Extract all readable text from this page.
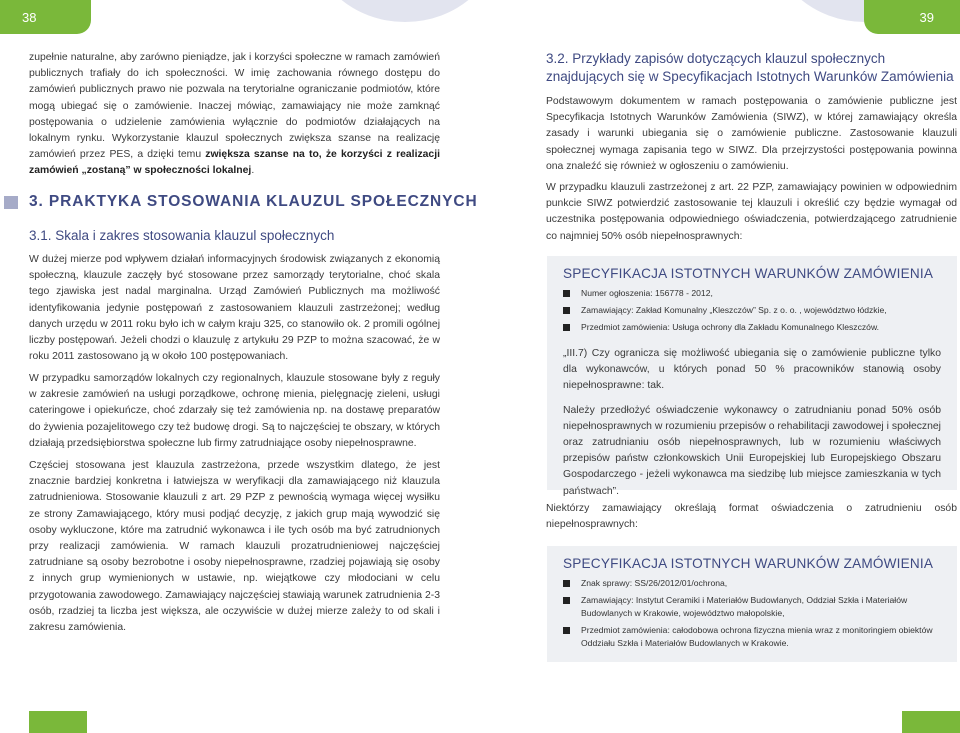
38
zupełnie naturalne, aby zarówno pieniądze, jak i korzyści społeczne w ramach zamówień publicznych trafiały do ich społeczności. W imię zachowania równego dostępu do zamówień publicznych prawo nie pozwala na terytorialne ograniczanie podmiotów, które mogą ubiegać się o zamówienie. Inaczej mówiąc, zamawiający nie może zamknąć postępowania o udzielenie zamówienia wyłącznie do podmiotów działających na lokalnym rynku. Wykorzystanie klauzul społecznych zwiększa szanse na realizację zamówień przez PES, a dzięki temu zwiększa szanse na to, że korzyści z realizacji zamówień „zostaną” w społeczności lokalnej.
3. PRAKTYKA STOSOWANIA KLAUZUL SPOŁECZNYCH
3.1. Skala i zakres stosowania klauzul społecznych
W dużej mierze pod wpływem działań informacyjnych środowisk związanych z ekonomią społeczną, klauzule zaczęły być stosowane przez samorządy terytorialne, choć skala tego zjawiska jest nadal marginalna. Urząd Zamówień Publicznych ma możliwość identyfikowania jedynie postępowań z zastosowaniem klauzuli zastrzeżonej; według danych urzędu w 2011 roku było ich w całym kraju 325, co stanowiło ok. 2 promili ogólnej liczby postępowań. Jeżeli chodzi o klauzulę z artykułu 29 PZP to można szacować, że w roku 2011 zastosowano ją w około 100 postępowaniach.
W przypadku samorządów lokalnych czy regionalnych, klauzule stosowane były z reguły w zakresie zamówień na usługi porządkowe, ochronę mienia, pielęgnację zieleni, usługi cateringowe i opiekuńcze, choć zdarzały się też zamówienia np. na dostawę preparatów do żywienia pozajelitowego czy też budowę drogi. Są to najczęściej te obszary, w których działają przedsiębiorstwa społeczne lub firmy zatrudniające osoby niepełnosprawne.
Częściej stosowana jest klauzula zastrzeżona, przede wszystkim dlatego, że jest znacznie bardziej konkretna i łatwiejsza w weryfikacji dla zamawiającego niż klauzula zatrudnieniowa. Stosowanie klauzuli z art. 29 PZP z pewnością wymaga więcej wysiłku ze strony Zamawiającego, który musi podjąć decyzję, z jakich grup mają wywodzić się osoby wykluczone, które ma zatrudnić wykonawca i ile tych osób ma być zatrudnionych przy realizacji zamówienia. W ramach klauzuli prozatrudnieniowej najczęściej zatrudniane są osoby bezrobotne i osoby niepełnosprawne, rzadziej pojawiają się osoby z innych grup wymienionych w ustawie, np. wiejątkowe czy młodociani w celu przygotowania zawodowego. Zamawiający najczęściej stawiają warunek zatrudnienia 2-3 osób, rzadziej ta liczba jest większa, ale oczywiście w dużej mierze zależy to od skali i zakresu zamówienia.
39
3.2. Przykłady zapisów dotyczących klauzul społecznych znajdujących się w Specyfikacjach Istotnych Warunków Zamówienia
Podstawowym dokumentem w ramach postępowania o zamówienie publiczne jest Specyfikacja Istotnych Warunków Zamówienia (SIWZ), w której zamawiający określa zasady i warunki ubiegania się o zamówienie publiczne. Zastosowanie klauzuli społecznej wymaga zapisania tego w SIWZ. Dla przejrzystości postępowania powinna ona znaleźć się również w ogłoszeniu o zamówieniu.
W przypadku klauzuli zastrzeżonej z art. 22 PZP, zamawiający powinien w odpowiednim punkcie SIWZ potwierdzić zastosowanie tej klauzuli i określić czy będzie wymagał od uczestnika postępowania odpowiedniego oświadczenia, potwierdzającego zatrudnienie co najmniej 50% osób niepełnosprawnych:
SPECYFIKACJA ISTOTNYCH WARUNKÓW ZAMÓWIENIA
Numer ogłoszenia: 156778 - 2012,
Zamawiający: Zakład Komunalny „Kleszczów” Sp. z o. o. , województwo łódzkie,
Przedmiot zamówienia: Usługa ochrony dla Zakładu Komunalnego Kleszczów.
„III.7) Czy ogranicza się możliwość ubiegania się o zamówienie publiczne tylko dla wykonawców, u których ponad 50 % pracowników stanowią osoby niepełnosprawne: tak.
Należy przedłożyć oświadczenie wykonawcy o zatrudnianiu ponad 50% osób niepełnosprawnych w rozumieniu przepisów o rehabilitacji zawodowej i społecznej oraz zatrudnianiu osób niepełnosprawnych, lub w rozumieniu właściwych przepisów państw członkowskich Unii Europejskiej lub Europejskiego Obszaru Gospodarczego - jeżeli wykonawca ma siedzibę lub miejsce zamieszkania w tych państwach”.
Niektórzy zamawiający określają format oświadczenia o zatrudnieniu osób niepełnosprawnych:
SPECYFIKACJA ISTOTNYCH WARUNKÓW ZAMÓWIENIA
Znak sprawy: SS/26/2012/01/ochrona,
Zamawiający: Instytut Ceramiki i Materiałów Budowlanych, Oddział Szkła i Materiałów Budowlanych w Krakowie, województwo małopolskie,
Przedmiot zamówienia: całodobowa ochrona fizyczna mienia wraz z monitoringiem obiektów Oddziału Szkła i Materiałów Budowlanych w Krakowie.
